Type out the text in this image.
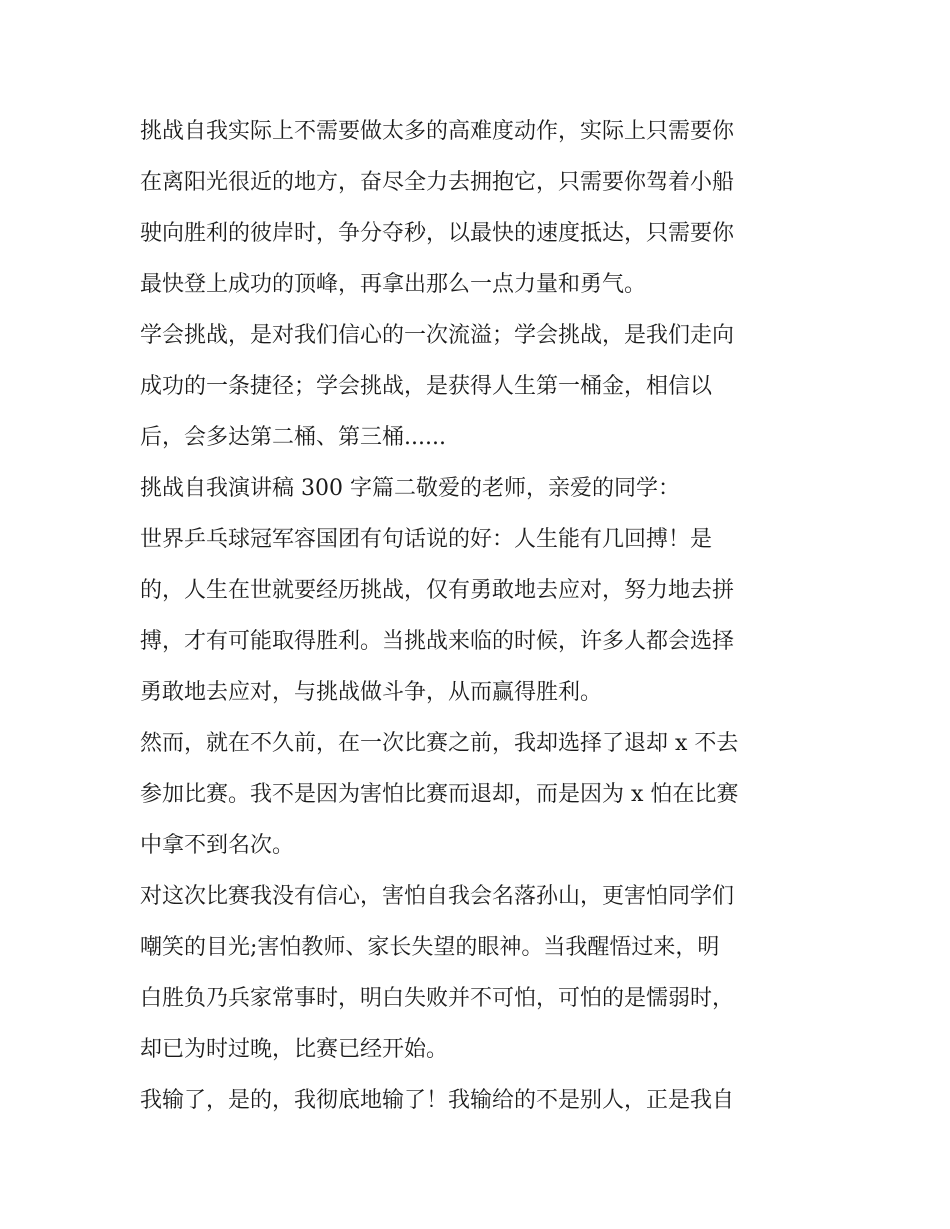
挑战自我实际上不需要做太多的高难度动作，实际上只需要你
在离阳光很近的地方，奋尽全力去拥抱它，只需要你驾着小船
驶向胜利的彼岸时，争分夺秒，以最快的速度抵达，只需要你
最快登上成功的顶峰，再拿出那么一点力量和勇气。
学会挑战，是对我们信心的一次流溢；学会挑战，是我们走向
成功的一条捷径；学会挑战，是获得人生第一桶金，相信以
后，会多达第二桶、第三桶......
挑战自我演讲稿 300 字篇二敬爱的老师，亲爱的同学：
世界乒乓球冠军容国团有句话说的好：人生能有几回搏！是
的，人生在世就要经历挑战，仅有勇敢地去应对，努力地去拼
搏，才有可能取得胜利。当挑战来临的时候，许多人都会选择
勇敢地去应对，与挑战做斗争，从而赢得胜利。
然而，就在不久前，在一次比赛之前，我却选择了退却 x 不去
参加比赛。我不是因为害怕比赛而退却，而是因为 x 怕在比赛
中拿不到名次。
对这次比赛我没有信心，害怕自我会名落孙山，更害怕同学们
嘲笑的目光;害怕教师、家长失望的眼神。当我醒悟过来，明
白胜负乃兵家常事时，明白失败并不可怕，可怕的是懦弱时，
却已为时过晚，比赛已经开始。
我输了，是的，我彻底地输了！我输给的不是别人，正是我自
